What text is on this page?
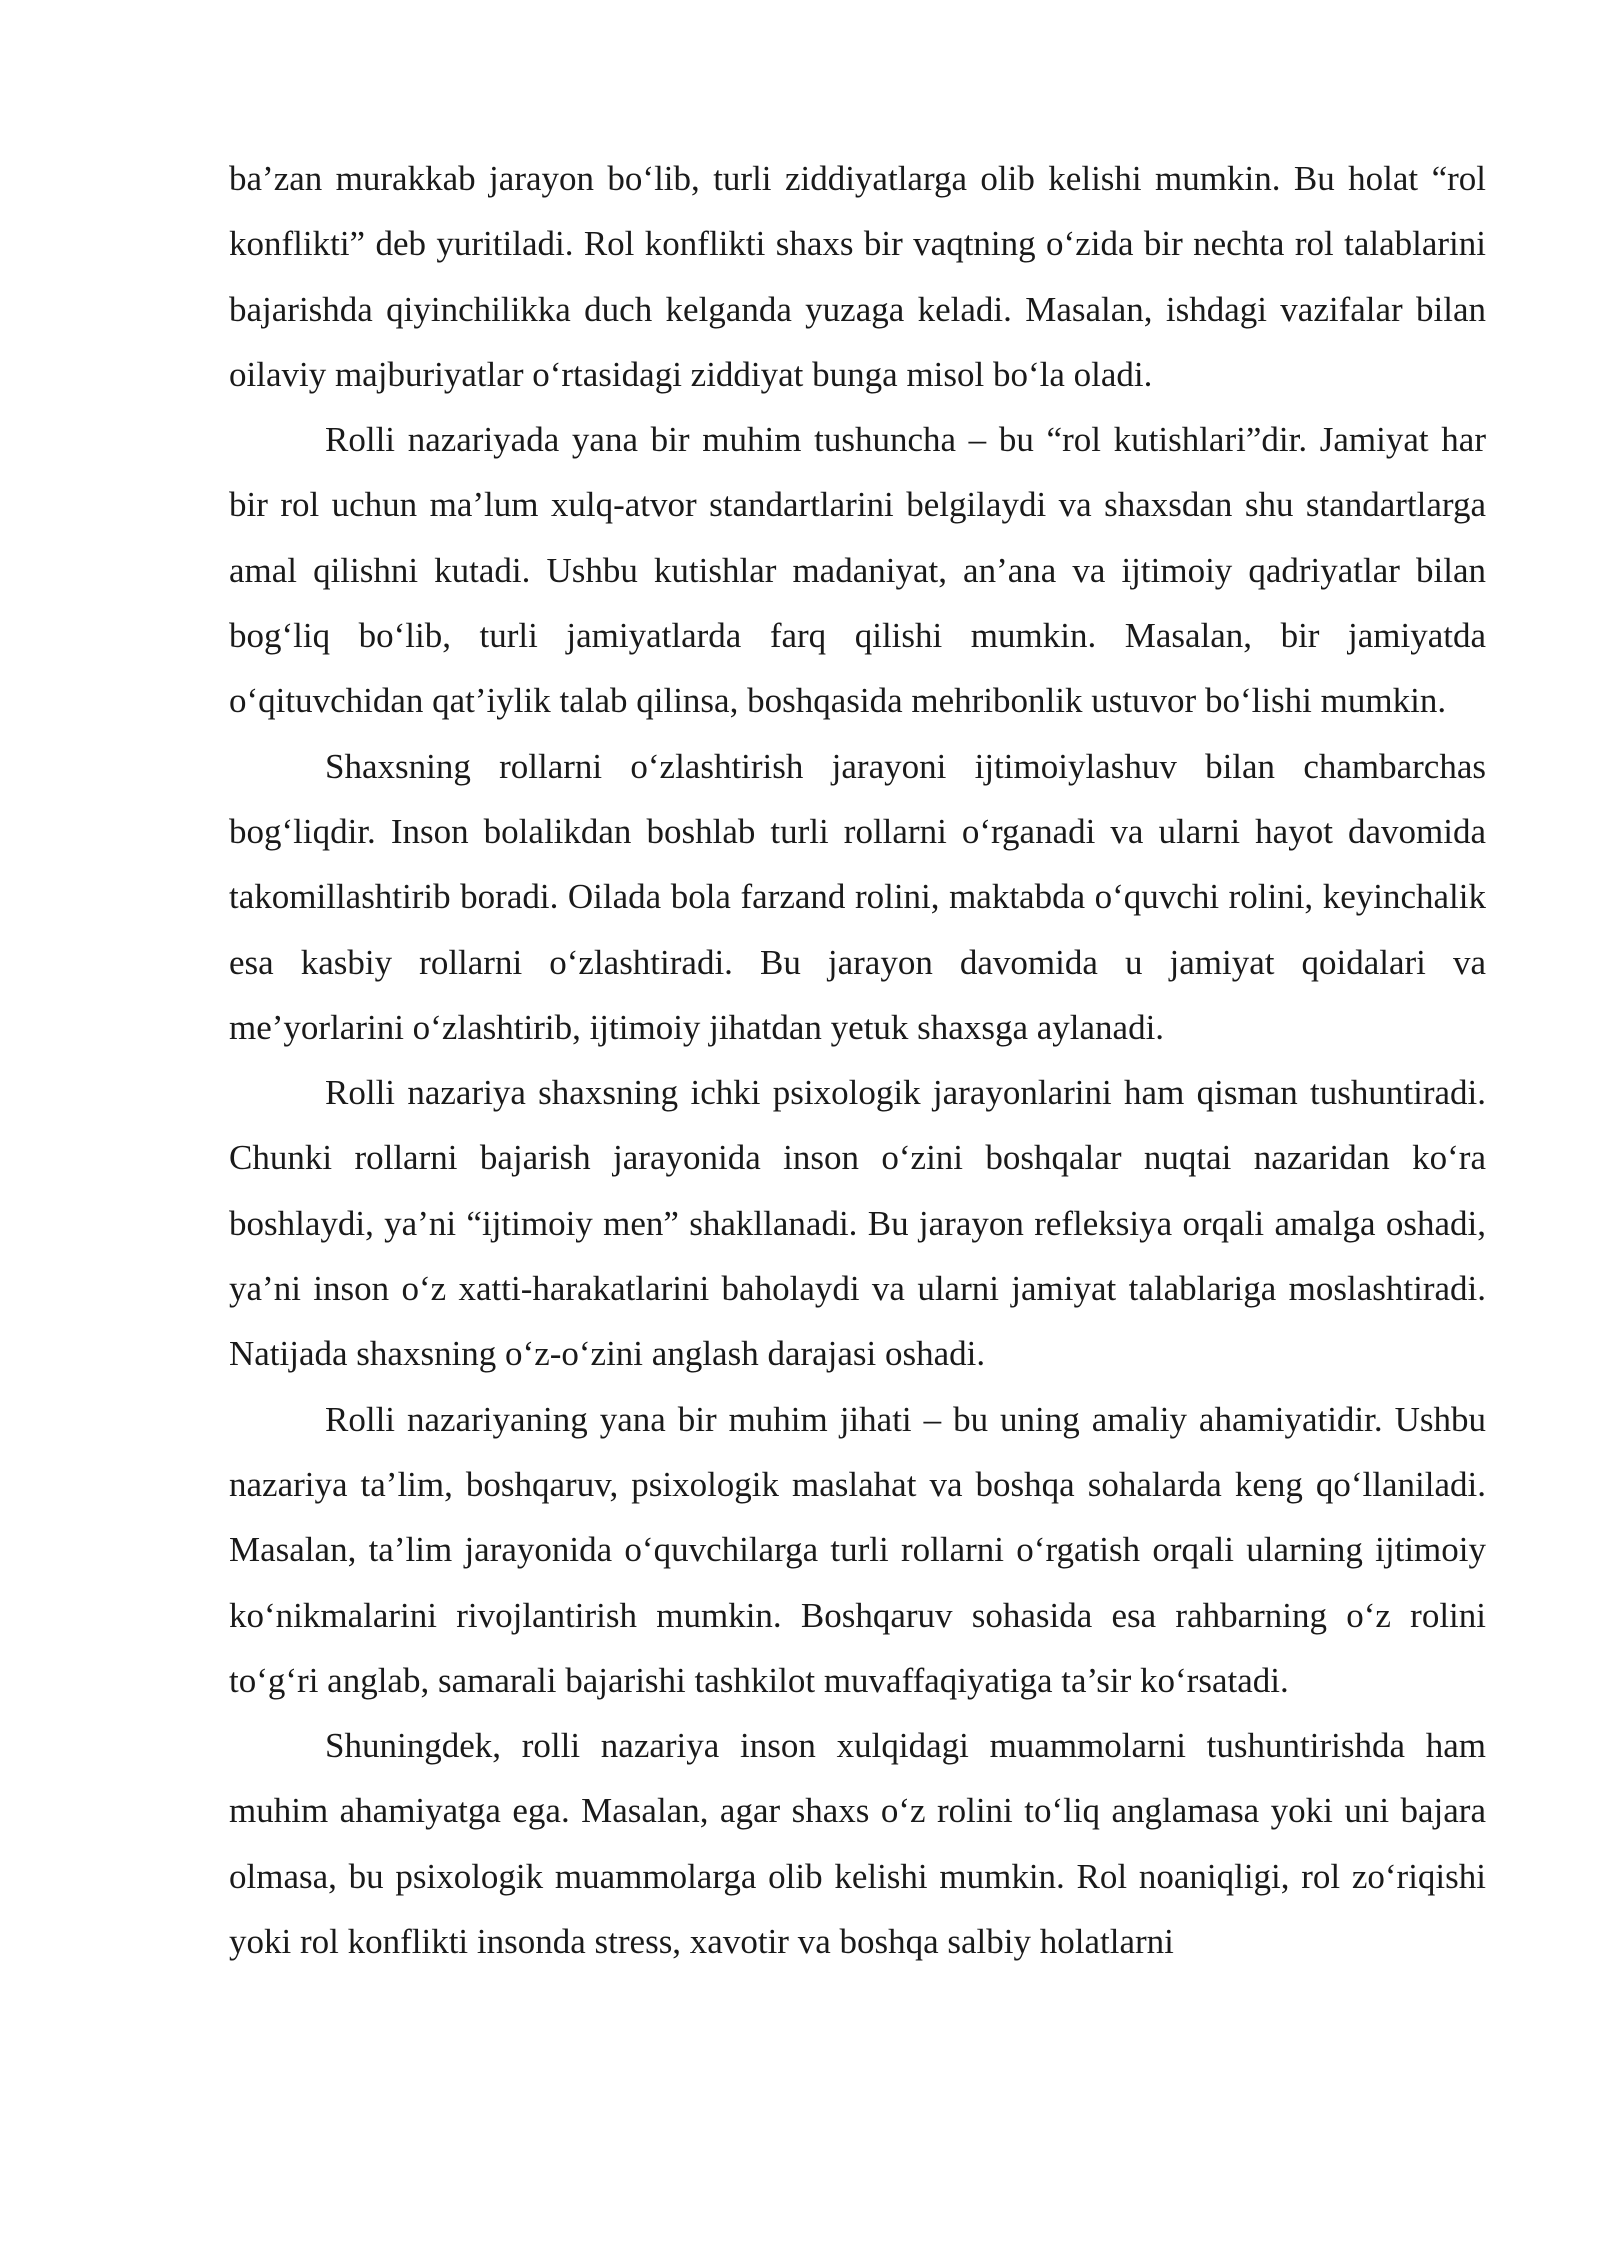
ba’zan murakkab jarayon bo‘lib, turli ziddiyatlarga olib kelishi mumkin. Bu holat “rol konflikti” deb yuritiladi. Rol konflikti shaxs bir vaqtning o‘zida bir nechta rol talablarini bajarishda qiyinchilikka duch kelganda yuzaga keladi. Masalan, ishdagi vazifalar bilan oilaviy majburiyatlar o‘rtasidagi ziddiyat bunga misol bo‘la oladi.

Rolli nazariyada yana bir muhim tushuncha – bu “rol kutishlari”dir. Jamiyat har bir rol uchun ma’lum xulq-atvor standartlarini belgilaydi va shaxsdan shu standartlarga amal qilishni kutadi. Ushbu kutishlar madaniyat, an’ana va ijtimoiy qadriyatlar bilan bog‘liq bo‘lib, turli jamiyatlarda farq qilishi mumkin. Masalan, bir jamiyatda o‘qituvchidan qat’iylik talab qilinsa, boshqasida mehribonlik ustuvor bo‘lishi mumkin.

Shaxsning rollarni o‘zlashtirish jarayoni ijtimoiylashuv bilan chambarchas bog‘liqdir. Inson bolalikdan boshlab turli rollarni o‘rganadi va ularni hayot davomida takomillashtirib boradi. Oilada bola farzand rolini, maktabda o‘quvchi rolini, keyinchalik esa kasbiy rollarni o‘zlashtiradi. Bu jarayon davomida u jamiyat qoidalari va me’yorlarini o‘zlashtirib, ijtimoiy jihatdan yetuk shaxsga aylanadi.

Rolli nazariya shaxsning ichki psixologik jarayonlarini ham qisman tushuntiradi. Chunki rollarni bajarish jarayonida inson o‘zini boshqalar nuqtai nazaridan ko‘ra boshlaydi, ya’ni “ijtimoiy men” shakllanadi. Bu jarayon refleksiya orqali amalga oshadi, ya’ni inson o‘z xatti-harakatlarini baholaydi va ularni jamiyat talablariga moslashtiradi. Natijada shaxsning o‘z-o‘zini anglash darajasi oshadi.

Rolli nazariyaning yana bir muhim jihati – bu uning amaliy ahamiyatidir. Ushbu nazariya ta’lim, boshqaruv, psixologik maslahat va boshqa sohalarda keng qo‘llaniladi. Masalan, ta’lim jarayonida o‘quvchilarga turli rollarni o‘rgatish orqali ularning ijtimoiy ko‘nikmalarini rivojlantirish mumkin. Boshqaruv sohasida esa rahbarning o‘z rolini to‘g‘ri anglab, samarali bajarishi tashkilot muvaffaqiyatiga ta’sir ko‘rsatadi.

Shuningdek, rolli nazariya inson xulqidagi muammolarni tushuntirishda ham muhim ahamiyatga ega. Masalan, agar shaxs o‘z rolini to‘liq anglamasa yoki uni bajara olmasa, bu psixologik muammolarga olib kelishi mumkin. Rol noaniqligi, rol zo‘riqishi yoki rol konflikti insonda stress, xavotir va boshqa salbiy holatlarni
